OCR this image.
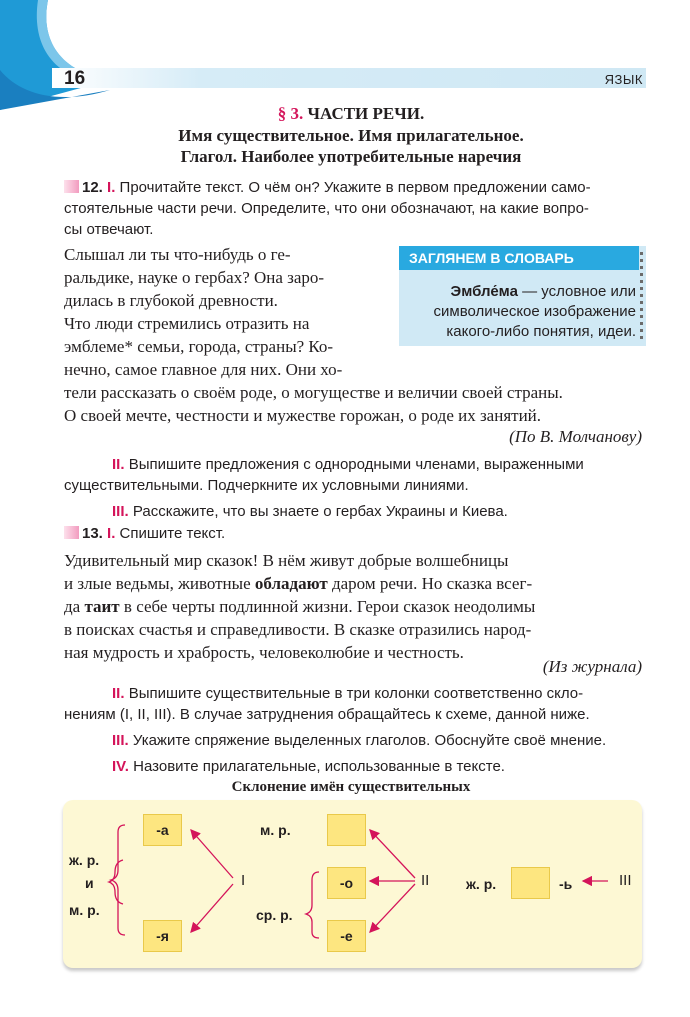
16	ЯЗЫК
§ 3. ЧАСТИ РЕЧИ.
Имя существительное. Имя прилагательное.
Глагол. Наиболее употребительные наречия
12. I. Прочитайте текст. О чём он? Укажите в первом предложении само-
стоятельные части речи. Определите, что они обозначают, на какие вопро-
сы отвечают.
Слышал ли ты что-нибудь о ге-
ральдике, науке о гербах? Она заро-
дилась в глубокой древности.
Что люди стремились отразить на
эмблеме* семьи, города, страны? Ко-
нечно, самое главное для них. Они хо-
тели рассказать о своём роде, о могуществе и величии своей страны.
О своей мечте, честности и мужестве горожан, о роде их занятий.
(По В. Молчанову)
ЗАГЛЯНЕМ В СЛОВАРЬ
Эмбле́ма — условное или
символическое изображение
какого-либо понятия, идеи.
II. Выпишите предложения с однородными членами, выраженными
существительными. Подчеркните их условными линиями.
III. Расскажите, что вы знаете о гербах Украины и Киева.
13. I. Спишите текст.
Удивительный мир сказок! В нём живут добрые волшебницы
и злые ведьмы, животные обладают даром речи. Но сказка всег-
да таит в себе черты подлинной жизни. Герои сказок неодолимы
в поисках счастья и справедливости. В сказке отразились народ-
ная мудрость и храбрость, человеколюбие и честность.
(Из журнала)
II. Выпишите существительные в три колонки соответственно скло-
нениям (I, II, III). В случае затруднения обращайтесь к схеме, данной ниже.
III. Укажите спряжение выделенных глаголов. Обоснуйте своё мнение.
IV. Назовите прилагательные, использованные в тексте.
Склонение имён существительных
ж. р.
и
м. р.
-а
-я
I
м. р.
ср. р.
-о
-е
II	ж. р.	-ь	III
